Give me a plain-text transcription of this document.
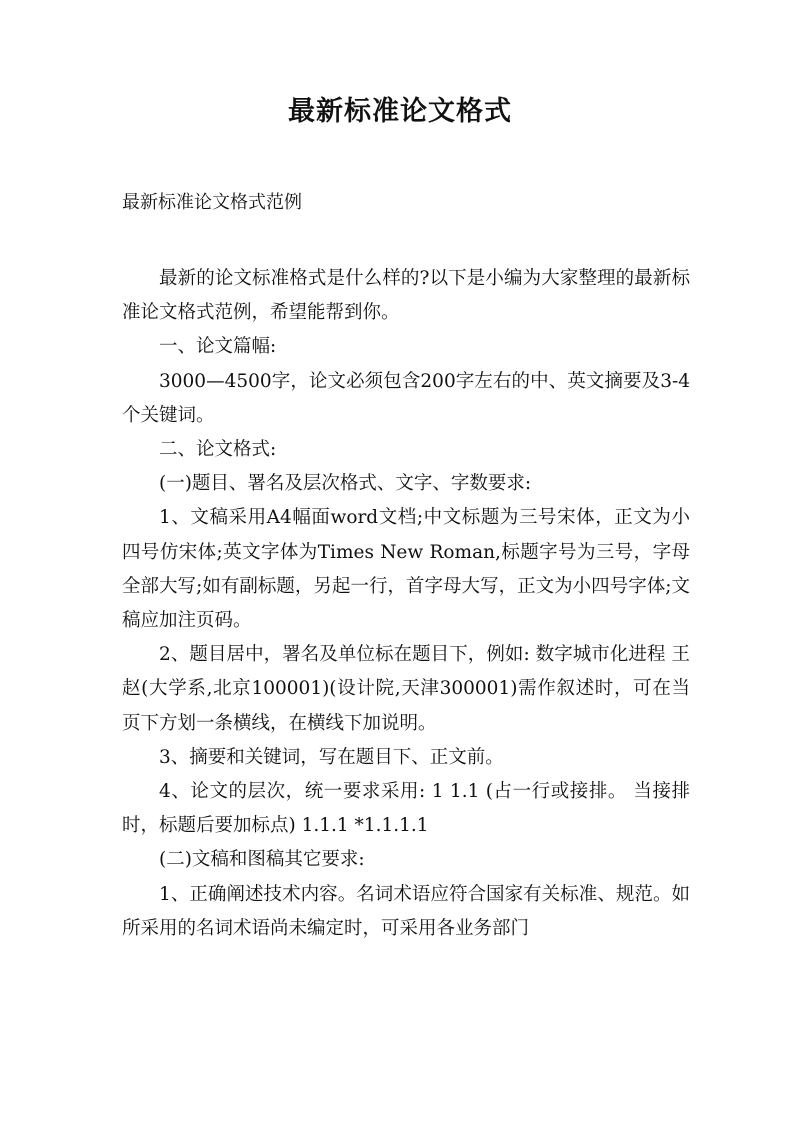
最新标准论文格式

最新标准论文格式范例

最新的论文标准格式是什么样的?以下是小编为大家整理的最新标准论文格式范例，希望能帮到你。

一、论文篇幅:

3000—4500字，论文必须包含200字左右的中、英文摘要及3-4个关键词。

二、论文格式:

(一)题目、署名及层次格式、文字、字数要求:

1、文稿采用A4幅面word文档;中文标题为三号宋体，正文为小四号仿宋体;英文字体为Times New Roman,标题字号为三号，字母全部大写;如有副标题，另起一行，首字母大写，正文为小四号字体;文稿应加注页码。

2、题目居中，署名及单位标在题目下，例如: 数字城市化进程 王赵(大学系,北京100001)(设计院,天津300001)需作叙述时，可在当页下方划一条横线，在横线下加说明。

3、摘要和关键词，写在题目下、正文前。

4、论文的层次，统一要求采用: 1 1.1 (占一行或接排。 当接排时，标题后要加标点) 1.1.1 *1.1.1.1

(二)文稿和图稿其它要求:

1、正确阐述技术内容。名词术语应符合国家有关标准、规范。如所采用的名词术语尚未编定时，可采用各业务部门
